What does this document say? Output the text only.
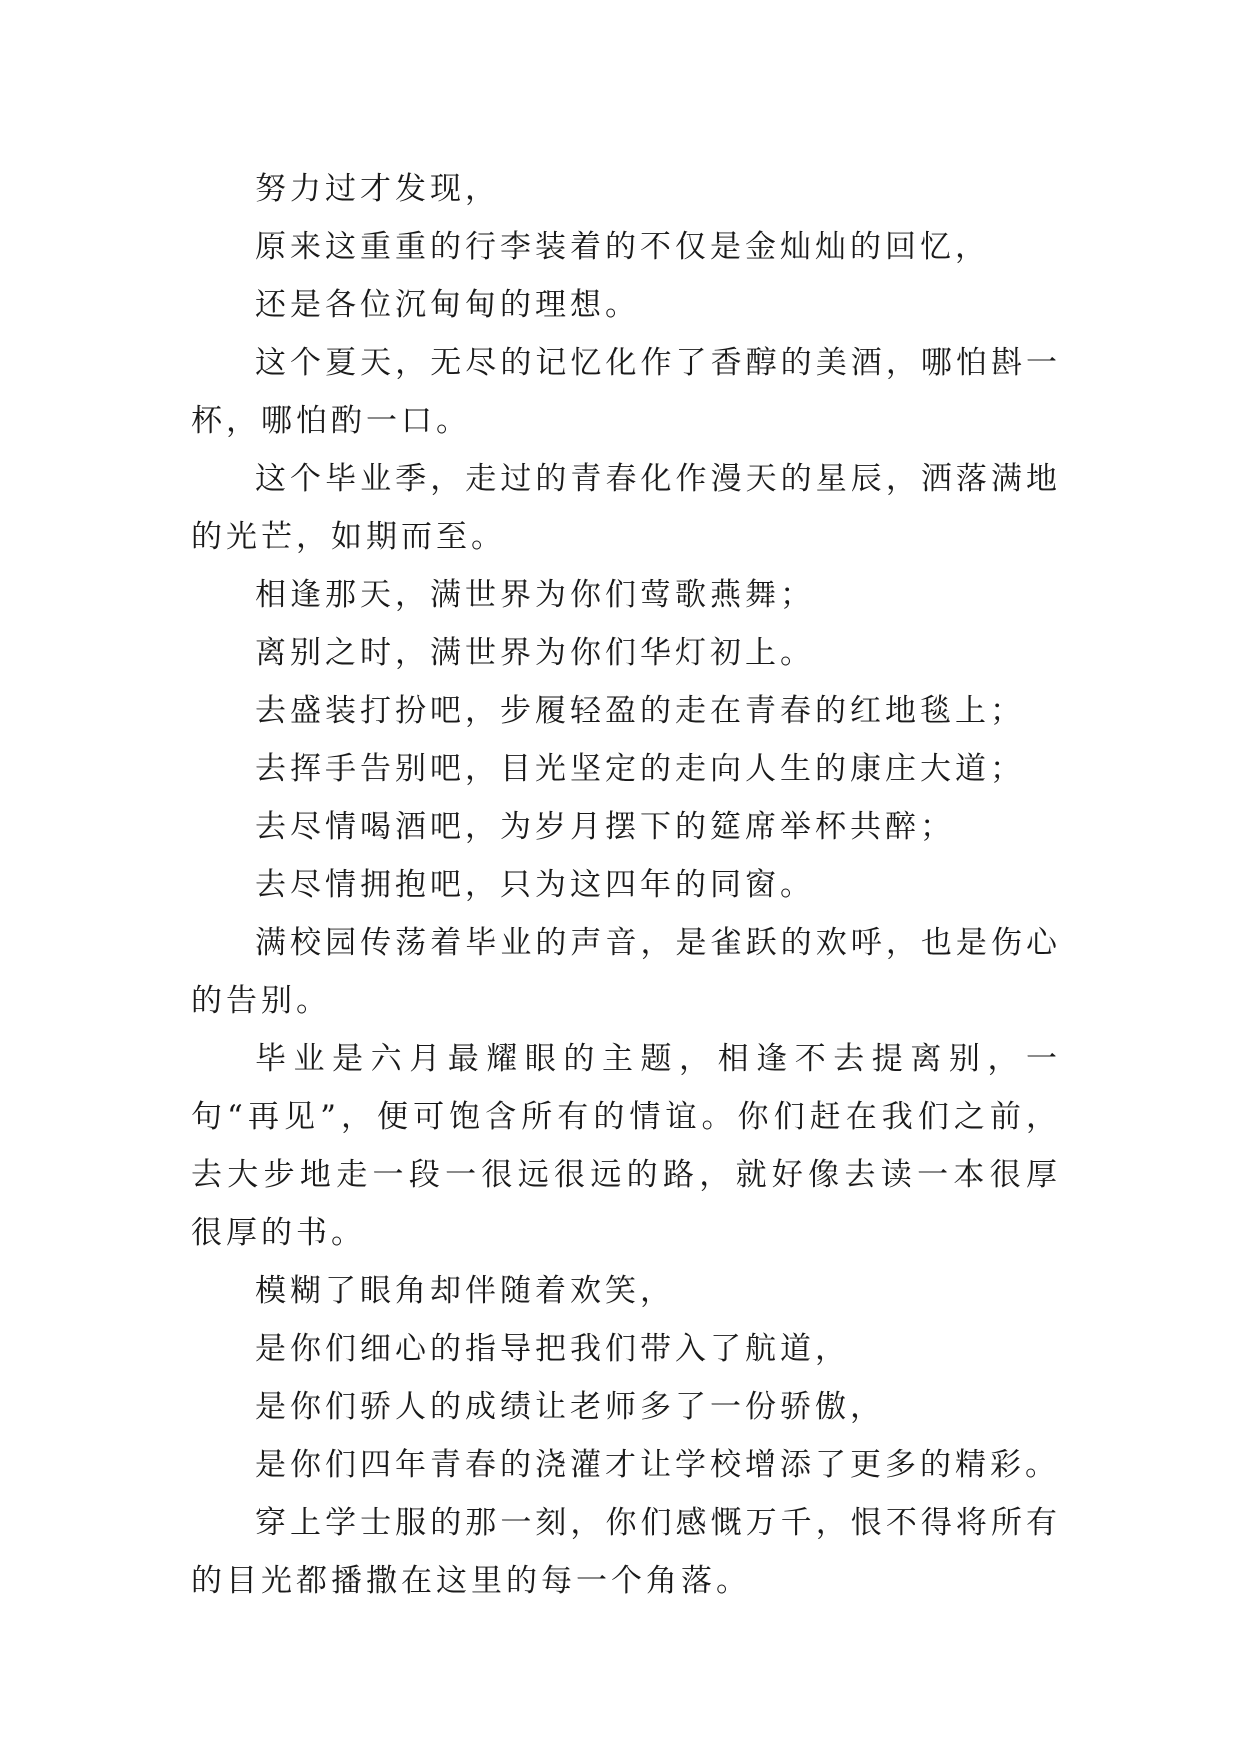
努力过才发现，

原来这重重的行李装着的不仅是金灿灿的回忆，

还是各位沉甸甸的理想。

这个夏天，无尽的记忆化作了香醇的美酒，哪怕斟一杯，哪怕酌一口。

这个毕业季，走过的青春化作漫天的星辰，洒落满地的光芒，如期而至。

相逢那天，满世界为你们莺歌燕舞；

离别之时，满世界为你们华灯初上。

去盛装打扮吧，步履轻盈的走在青春的红地毯上；

去挥手告别吧，目光坚定的走向人生的康庄大道；

去尽情喝酒吧，为岁月摆下的筵席举杯共醉；

去尽情拥抱吧，只为这四年的同窗。

满校园传荡着毕业的声音，是雀跃的欢呼，也是伤心的告别。

毕业是六月最耀眼的主题，相逢不去提离别，一句“再见”，便可饱含所有的情谊。你们赶在我们之前，去大步地走一段一很远很远的路，就好像去读一本很厚很厚的书。

模糊了眼角却伴随着欢笑，

是你们细心的指导把我们带入了航道，

是你们骄人的成绩让老师多了一份骄傲，

是你们四年青春的浇灌才让学校增添了更多的精彩。

穿上学士服的那一刻，你们感慨万千，恨不得将所有的目光都播撒在这里的每一个角落。
